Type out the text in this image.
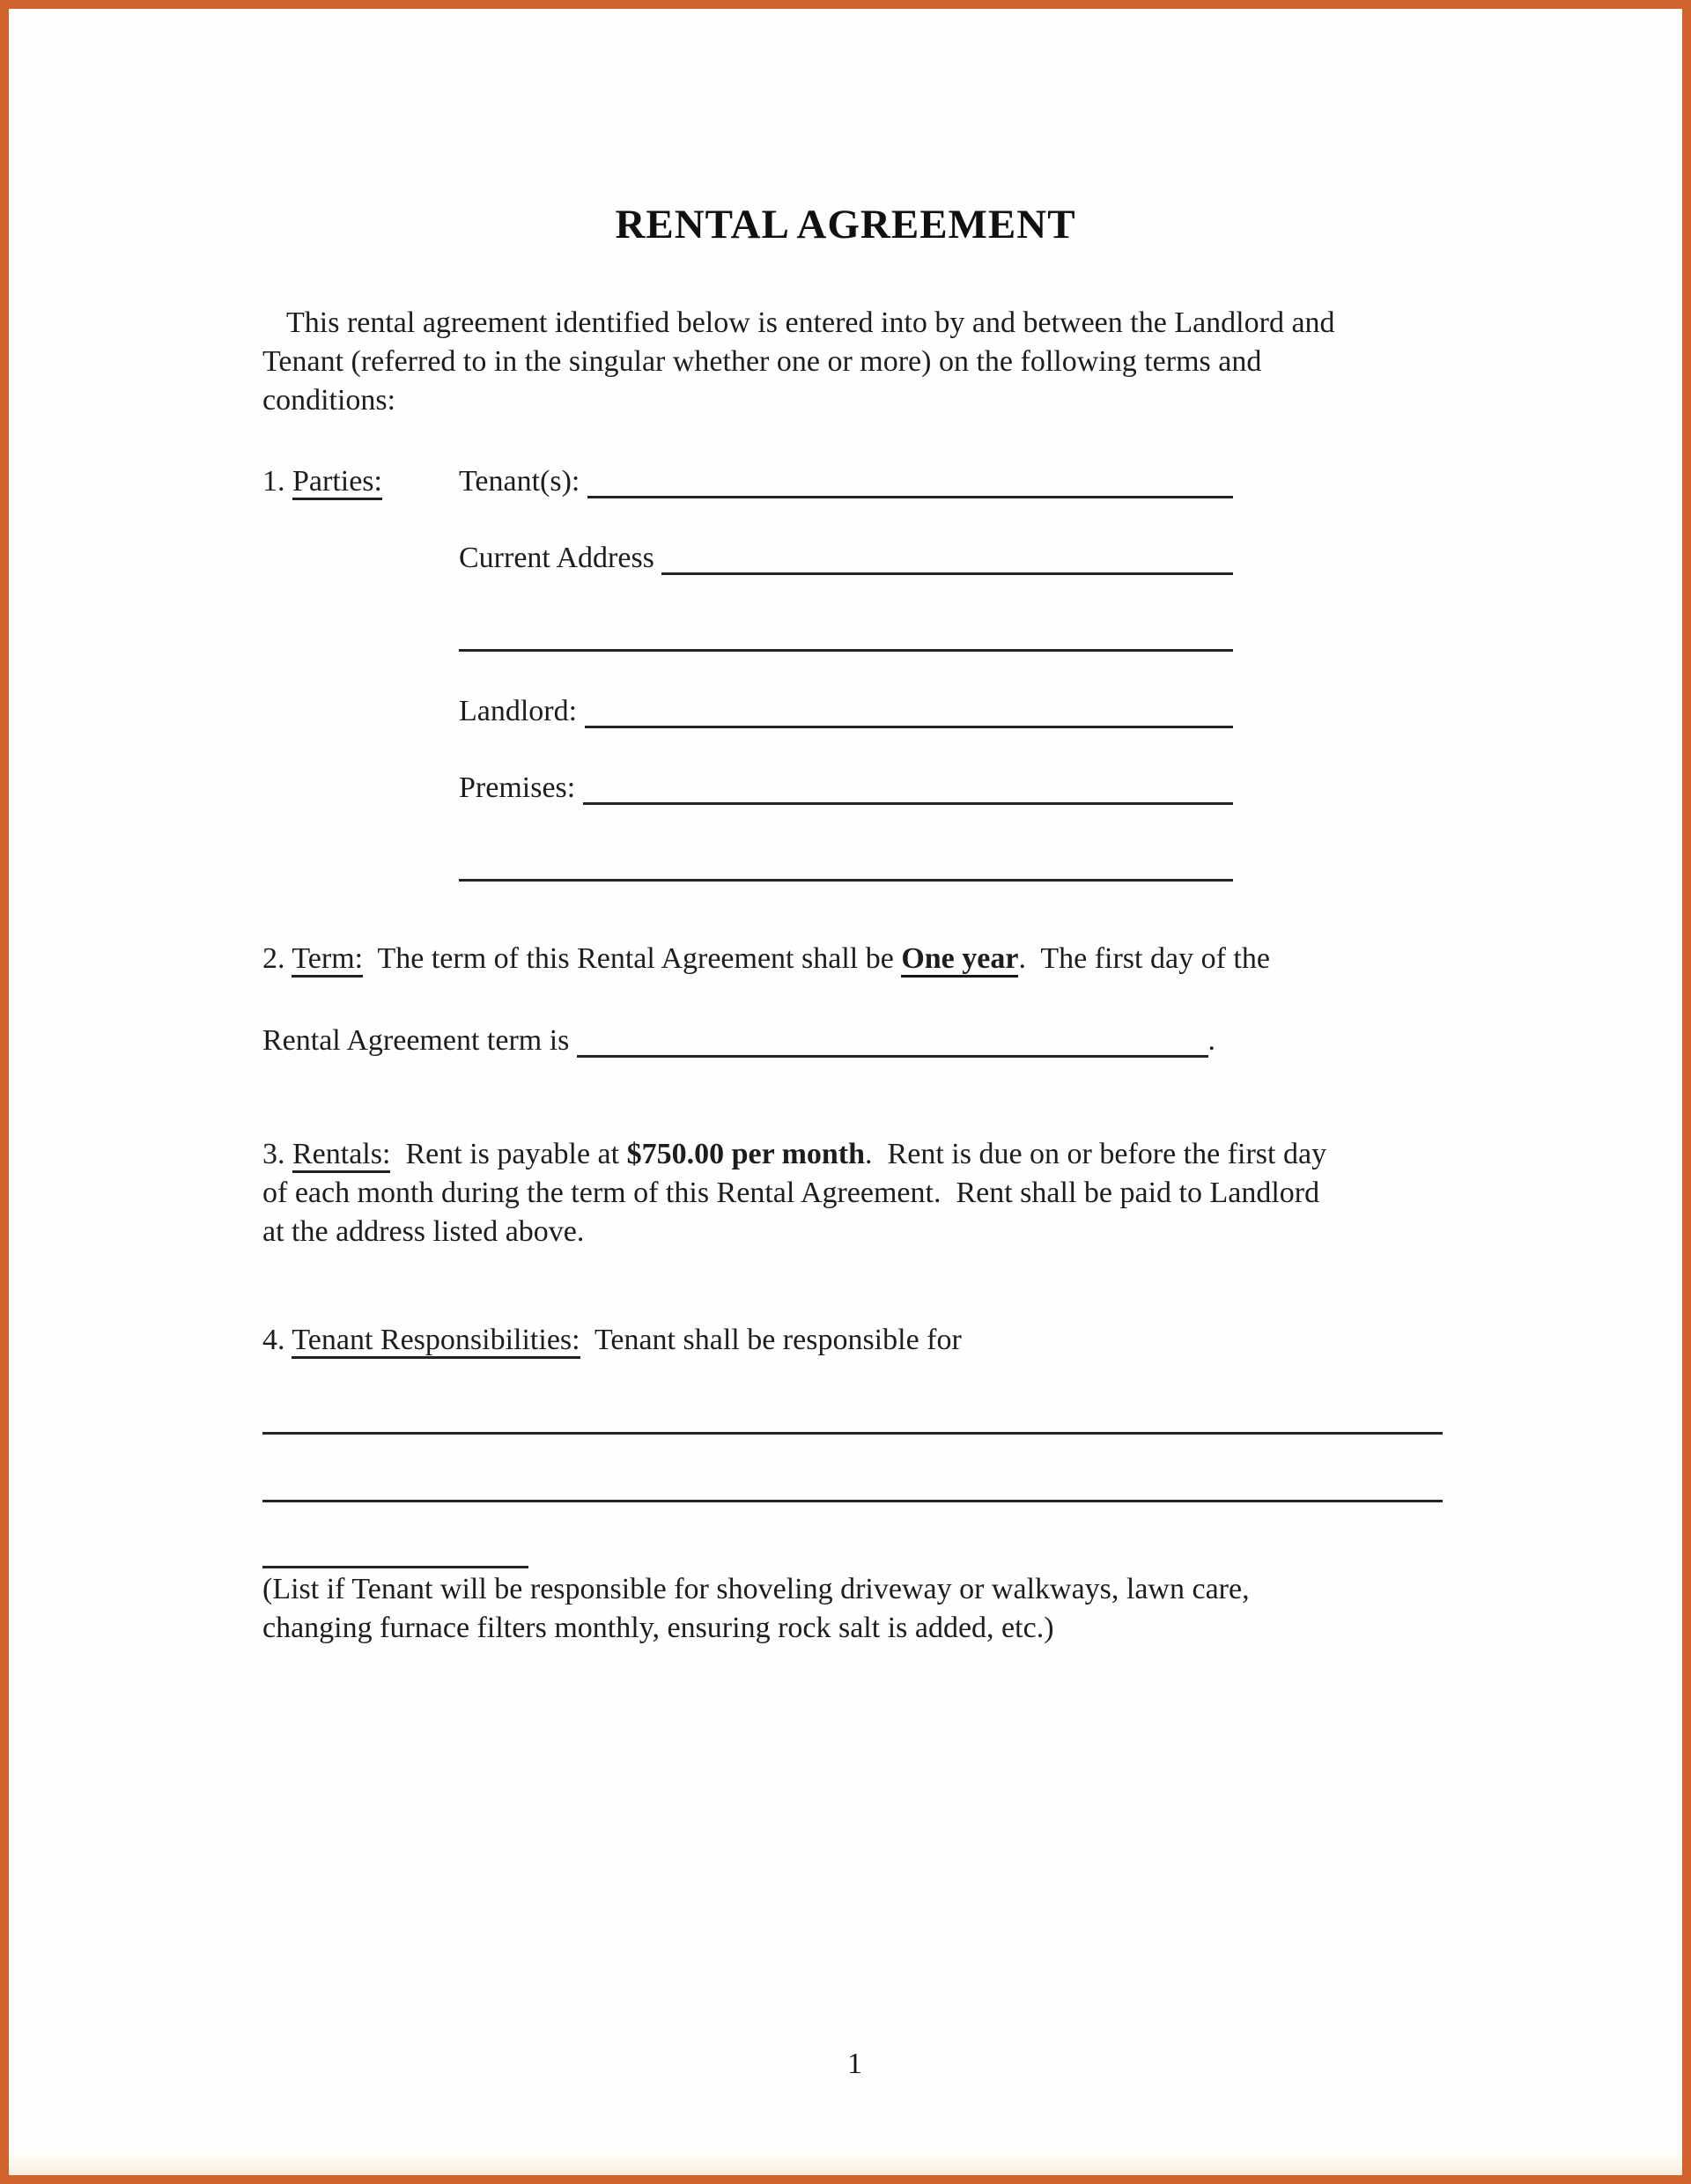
RENTAL AGREEMENT

This rental agreement identified below is entered into by and between the Landlord and
Tenant (referred to in the singular whether one or more) on the following terms and
conditions:

1. Parties:	Tenant(s):
Current Address
Landlord:
Premises:

2. Term:  The term of this Rental Agreement shall be One year.  The first day of the

Rental Agreement term is	.

3. Rentals:  Rent is payable at $750.00 per month.  Rent is due on or before the first day
of each month during the term of this Rental Agreement.  Rent shall be paid to Landlord
at the address listed above.

4. Tenant Responsibilities:  Tenant shall be responsible for

(List if Tenant will be responsible for shoveling driveway or walkways, lawn care,
changing furnace filters monthly, ensuring rock salt is added, etc.)

1
